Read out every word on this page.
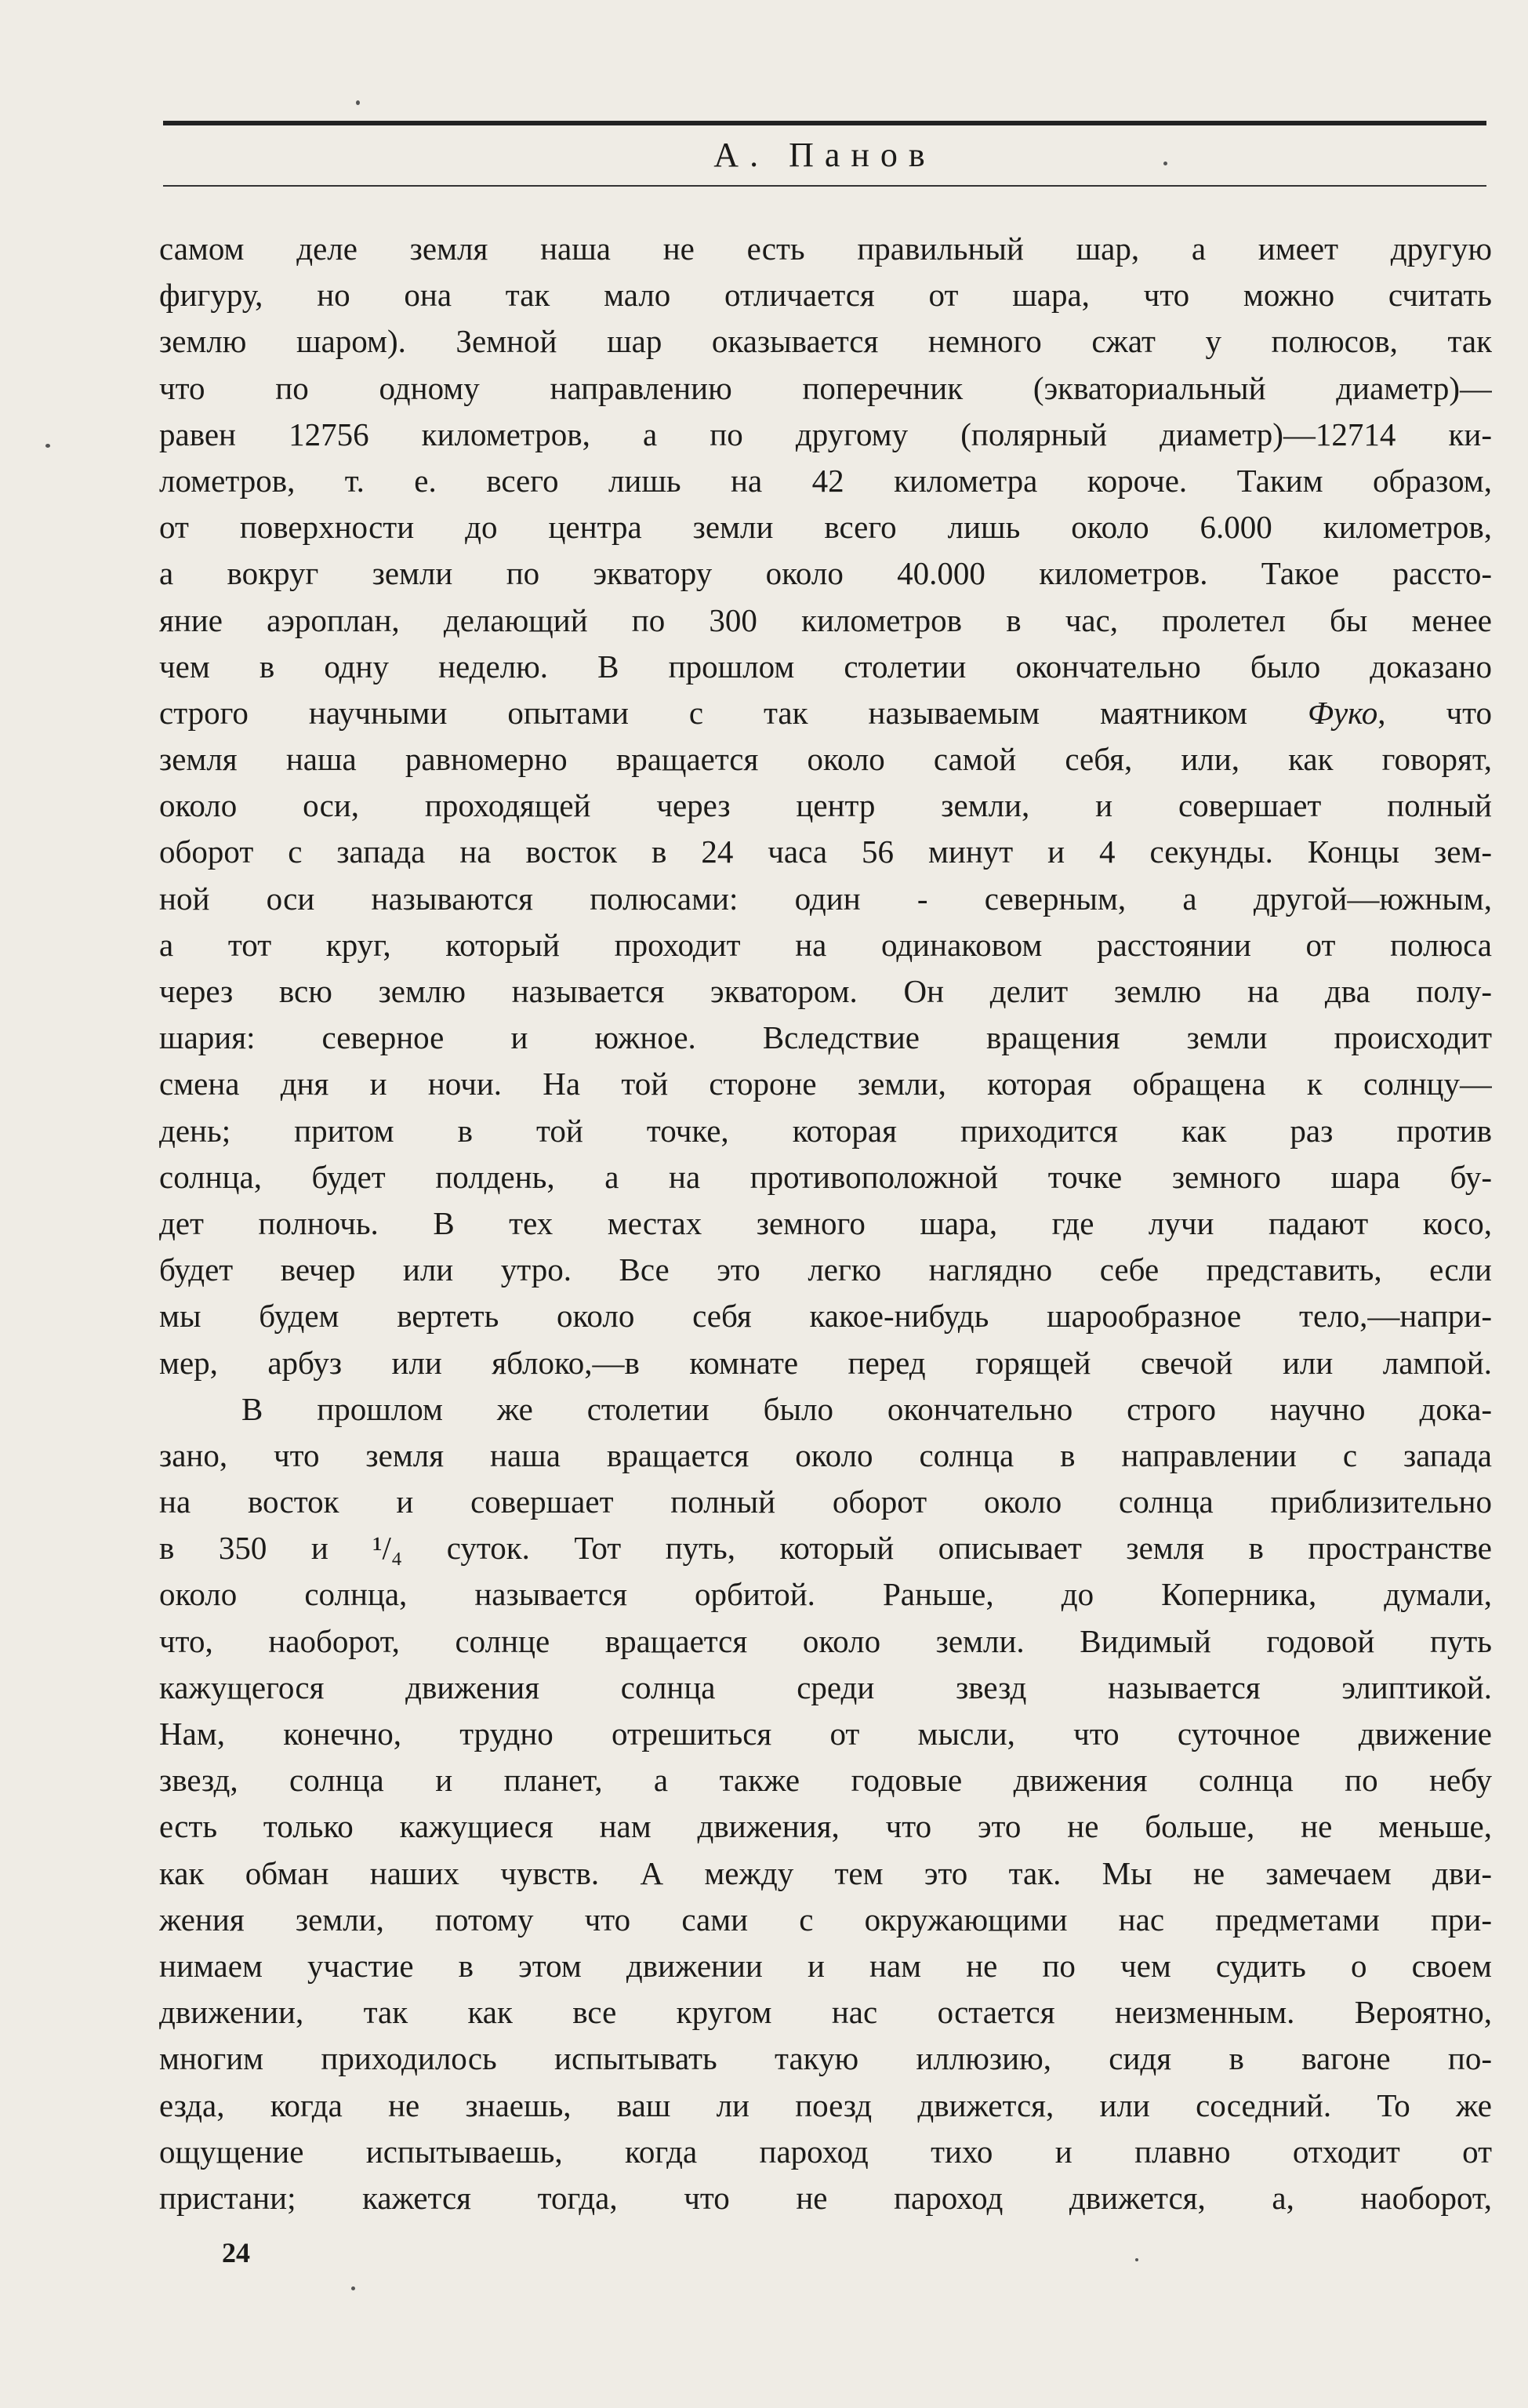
А. Панов
самом деле земля наша не есть правильный шар, а имеет другую
фигуру, но она так мало отличается от шара, что можно считать
землю шаром). Земной шар оказывается немного сжат у полюсов, так
что по одному направлению поперечник (экваториальный диаметр)—
равен 12756 километров, а по другому (полярный диаметр)—12714 ки-
лометров, т. е. всего лишь на 42 километра короче. Таким образом,
от поверхности до центра земли всего лишь около 6.000 километров,
а вокруг земли по экватору около 40.000 километров. Такое рассто-
яние аэроплан, делающий по 300 километров в час, пролетел бы менее
чем в одну неделю. В прошлом столетии окончательно было доказано
строго научными опытами с так называемым маятником Фуко, что
земля наша равномерно вращается около самой себя, или, как говорят,
около оси, проходящей через центр земли, и совершает полный
оборот с запада на восток в 24 часа 56 минут и 4 секунды. Концы зем-
ной оси называются полюсами: один - северным, а другой—южным,
а тот круг, который проходит на одинаковом расстоянии от полюса
через всю землю называется экватором. Он делит землю на два полу-
шария: северное и южное. Вследствие вращения земли происходит
смена дня и ночи. На той стороне земли, которая обращена к солнцу—
день; притом в той точке, которая приходится как раз против
солнца, будет полдень, а на противоположной точке земного шара бу-
дет полночь. В тех местах земного шара, где лучи падают косо,
будет вечер или утро. Все это легко наглядно себе представить, если
мы будем вертеть около себя какое-нибудь шарообразное тело,—напри-
мер, арбуз или яблоко,—в комнате перед горящей свечой или лампой.
В прошлом же столетии было окончательно строго научно дока-
зано, что земля наша вращается около солнца в направлении с запада
на восток и совершает полный оборот около солнца приблизительно
в 350 и ¹/₄ суток. Тот путь, который описывает земля в пространстве
около солнца, называется орбитой. Раньше, до Коперника, думали,
что, наоборот, солнце вращается около земли. Видимый годовой путь
кажущегося движения солнца среди звезд называется элиптикой.
Нам, конечно, трудно отрешиться от мысли, что суточное движение
звезд, солнца и планет, а также годовые движения солнца по небу
есть только кажущиеся нам движения, что это не больше, не меньше,
как обман наших чувств. А между тем это так. Мы не замечаем дви-
жения земли, потому что сами с окружающими нас предметами при-
нимаем участие в этом движении и нам не по чем судить о своем
движении, так как все кругом нас остается неизменным. Вероятно,
многим приходилось испытывать такую иллюзию, сидя в вагоне по-
езда, когда не знаешь, ваш ли поезд движется, или соседний. То же
ощущение испытываешь, когда пароход тихо и плавно отходит от
пристани; кажется тогда, что не пароход движется, а, наоборот,
24
